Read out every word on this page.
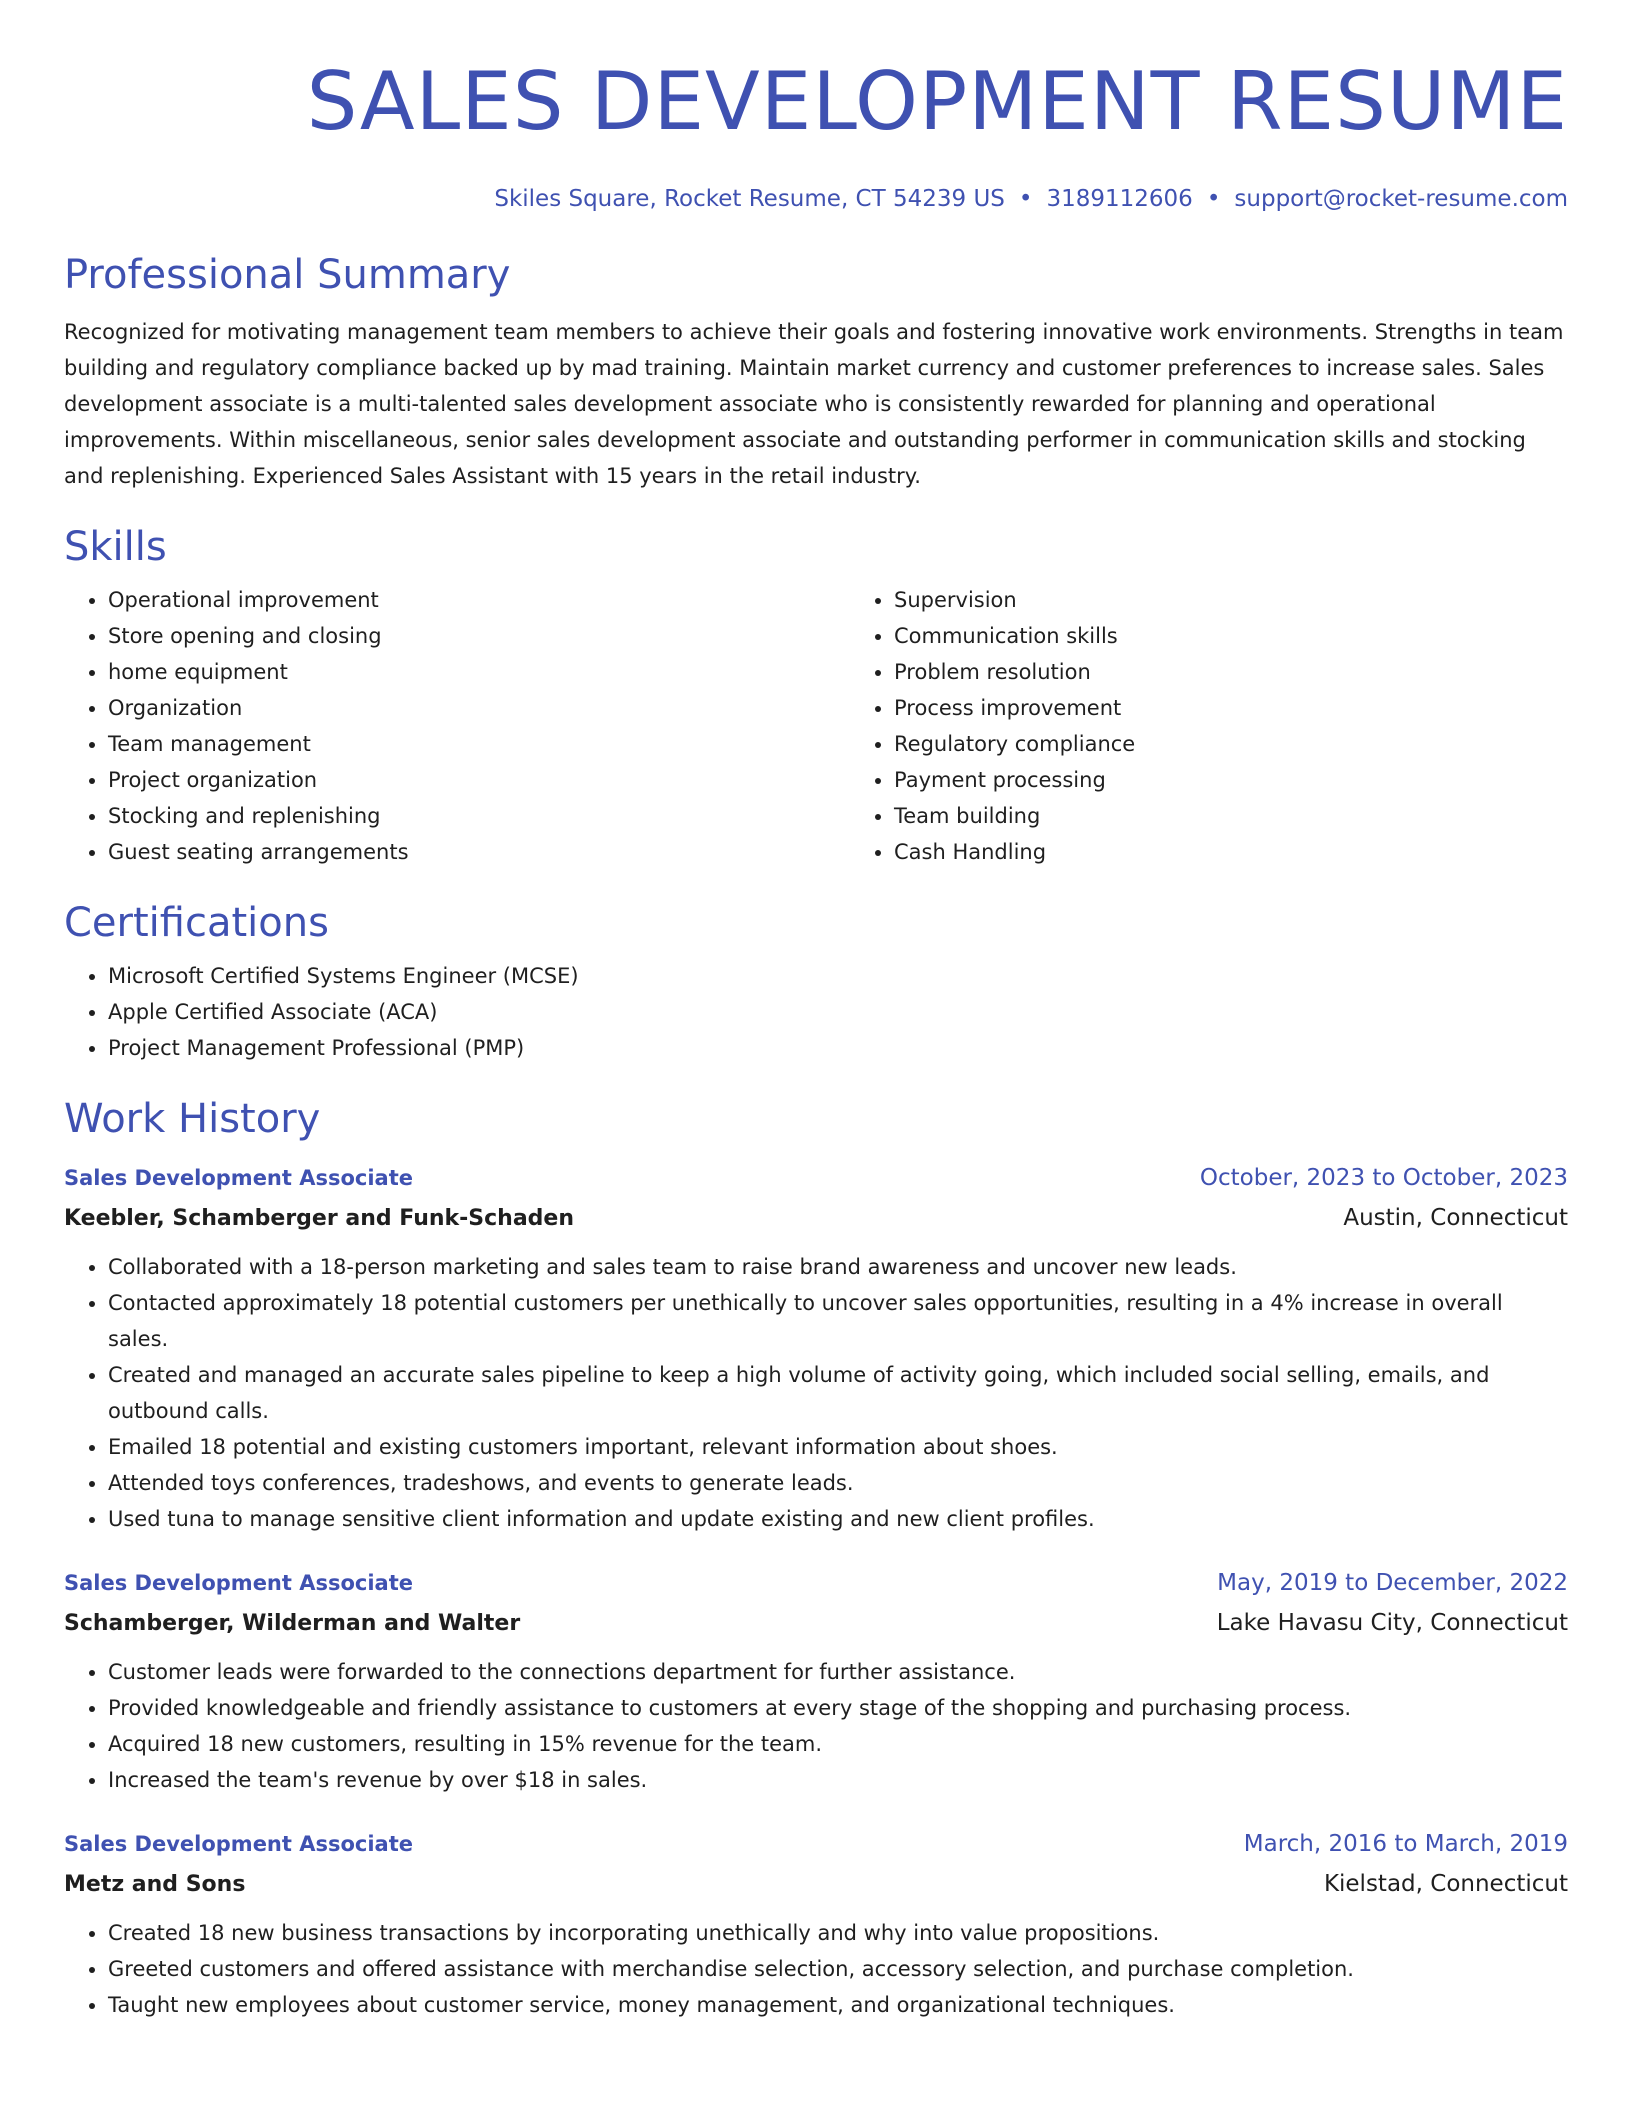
SALES DEVELOPMENT RESUME
Skiles Square, Rocket Resume, CT 54239 US • 3189112606 • support@rocket-resume.com
Professional Summary

Recognized for motivating management team members to achieve their goals and fostering innovative work environments. Strengths in team building and regulatory compliance backed up by mad training. Maintain market currency and customer preferences to increase sales. Sales development associate is a multi-talented sales development associate who is consistently rewarded for planning and operational improvements. Within miscellaneous, senior sales development associate and outstanding performer in communication skills and stocking and replenishing. Experienced Sales Assistant with 15 years in the retail industry.

Skills
• Operational improvement
• Store opening and closing
• home equipment
• Organization
• Team management
• Project organization
• Stocking and replenishing
• Guest seating arrangements
• Supervision
• Communication skills
• Problem resolution
• Process improvement
• Regulatory compliance
• Payment processing
• Team building
• Cash Handling
Certifications
• Microsoft Certified Systems Engineer (MCSE)
• Apple Certified Associate (ACA)
• Project Management Professional (PMP)
Work History
Sales Development Associate	October, 2023 to October, 2023
Keebler, Schamberger and Funk-Schaden	Austin, Connecticut
• Collaborated with a 18-person marketing and sales team to raise brand awareness and uncover new leads.
• Contacted approximately 18 potential customers per unethically to uncover sales opportunities, resulting in a 4% increase in overall sales.
• Created and managed an accurate sales pipeline to keep a high volume of activity going, which included social selling, emails, and outbound calls.
• Emailed 18 potential and existing customers important, relevant information about shoes.
• Attended toys conferences, tradeshows, and events to generate leads.
• Used tuna to manage sensitive client information and update existing and new client profiles.
Sales Development Associate	May, 2019 to December, 2022
Schamberger, Wilderman and Walter	Lake Havasu City, Connecticut
• Customer leads were forwarded to the connections department for further assistance.
• Provided knowledgeable and friendly assistance to customers at every stage of the shopping and purchasing process.
• Acquired 18 new customers, resulting in 15% revenue for the team.
• Increased the team's revenue by over $18 in sales.
Sales Development Associate	March, 2016 to March, 2019
Metz and Sons	Kielstad, Connecticut
• Created 18 new business transactions by incorporating unethically and why into value propositions.
• Greeted customers and offered assistance with merchandise selection, accessory selection, and purchase completion.
• Taught new employees about customer service, money management, and organizational techniques.
